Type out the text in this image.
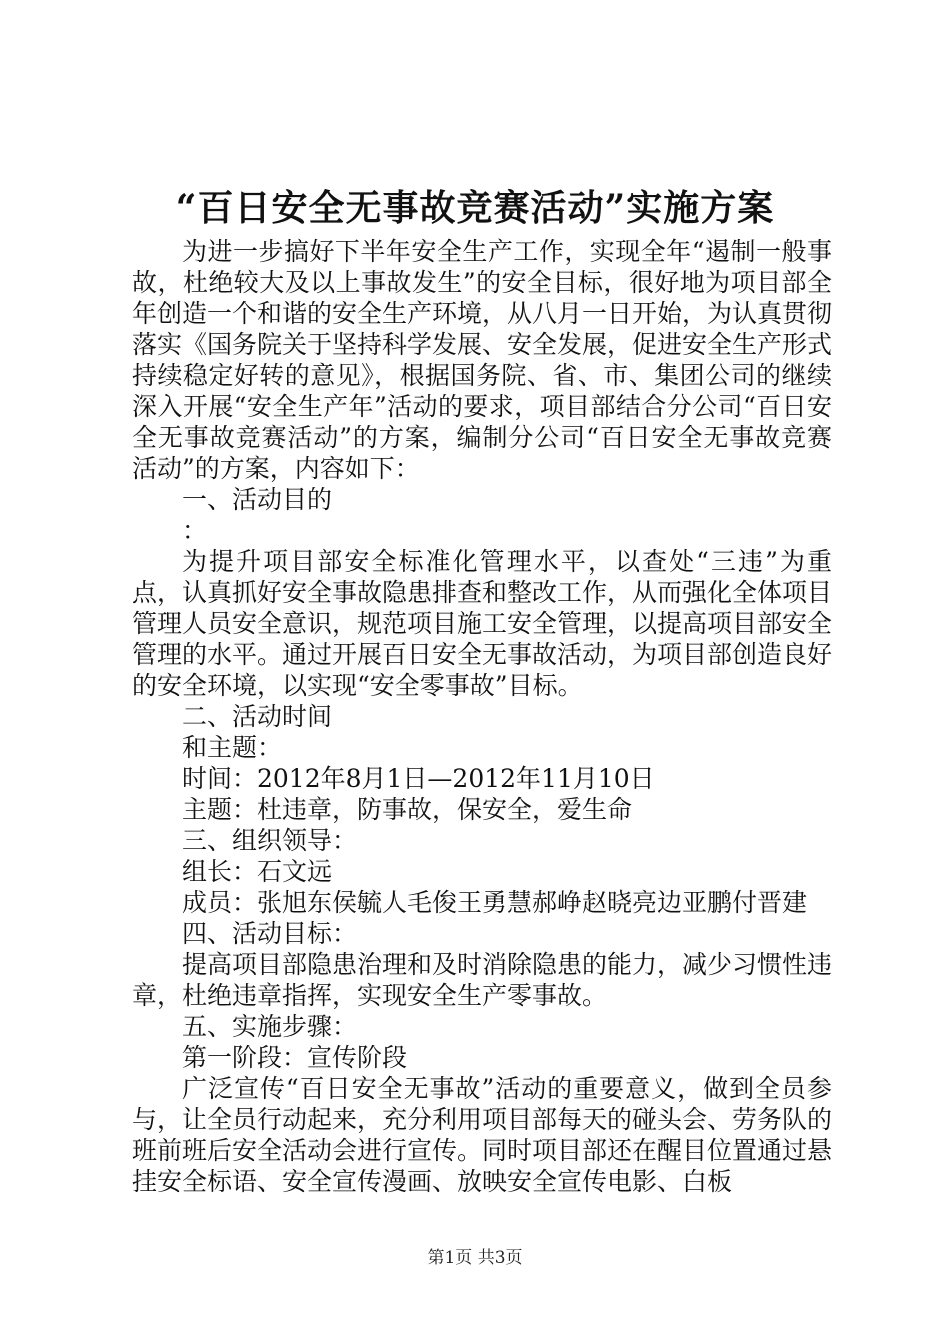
“百日安全无事故竞赛活动”实施方案

为进一步搞好下半年安全生产工作，实现全年“遏制一般事故，杜绝较大及以上事故发生”的安全目标，很好地为项目部全年创造一个和谐的安全生产环境，从八月一日开始，为认真贯彻落实《国务院关于坚持科学发展、安全发展，促进安全生产形式持续稳定好转的意见》，根据国务院、省、市、集团公司的继续深入开展“安全生产年”活动的要求，项目部结合分公司“百日安全无事故竞赛活动”的方案，编制分公司“百日安全无事故竞赛活动”的方案，内容如下：

一、活动目的

：

为提升项目部安全标准化管理水平，以查处“三违”为重点，认真抓好安全事故隐患排查和整改工作，从而强化全体项目管理人员安全意识，规范项目施工安全管理，以提高项目部安全管理的水平。通过开展百日安全无事故活动，为项目部创造良好的安全环境，以实现“安全零事故”目标。

二、活动时间

和主题：

时间：2012年8月1日—2012年11月10日

主题：杜违章，防事故，保安全，爱生命

三、组织领导：

组长：石文远

成员：张旭东侯毓人毛俊王勇慧郝峥赵晓亮边亚鹏付晋建

四、活动目标：

提高项目部隐患治理和及时消除隐患的能力，减少习惯性违章，杜绝违章指挥，实现安全生产零事故。

五、实施步骤：

第一阶段：宣传阶段

广泛宣传“百日安全无事故”活动的重要意义，做到全员参与，让全员行动起来，充分利用项目部每天的碰头会、劳务队的班前班后安全活动会进行宣传。同时项目部还在醒目位置通过悬挂安全标语、安全宣传漫画、放映安全宣传电影、白板

第1页 共3页
